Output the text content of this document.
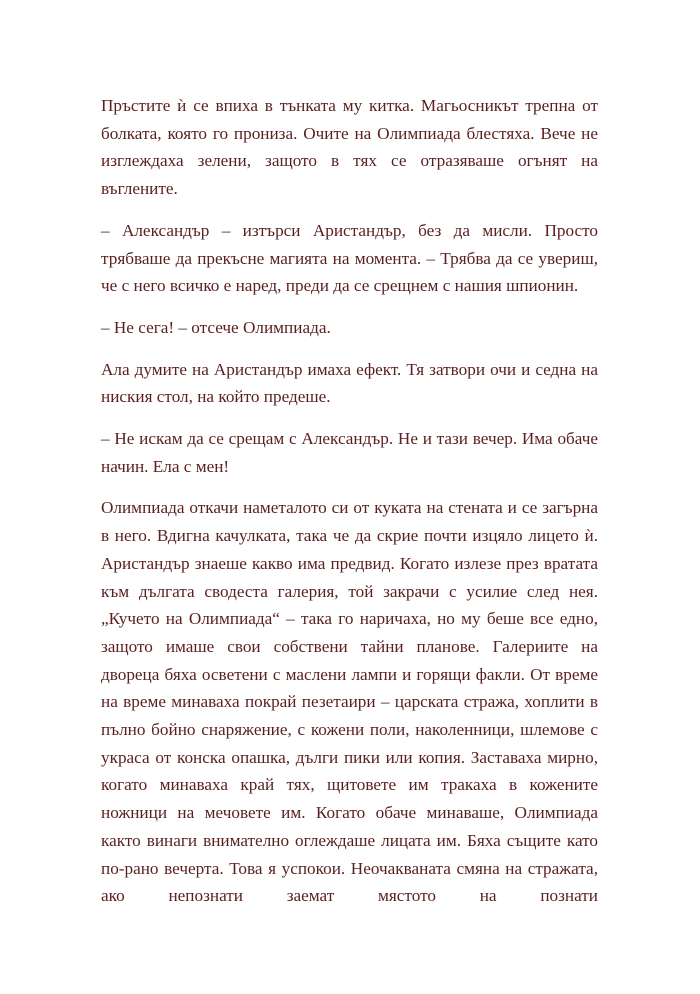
Пръстите ѝ се впиха в тънката му китка. Магьосникът трепна от болката, която го прониза. Очите на Олимпиада блестяха. Вече не изглеждаха зелени, защото в тях се отразяваше огънят на въглените.

– Александър – изтърси Аристандър, без да мисли. Просто трябваше да прекъсне магията на момента. – Трябва да се увериш, че с него всичко е наред, преди да се срещнем с нашия шпионин.

– Не сега! – отсече Олимпиада.

Ала думите на Аристандър имаха ефект. Тя затвори очи и седна на ниския стол, на който предеше.

– Не искам да се срещам с Александър. Не и тази вечер. Има обаче начин. Ела с мен!

Олимпиада откачи наметалото си от куката на стената и се загърна в него. Вдигна качулката, така че да скрие почти изцяло лицето ѝ. Аристандър знаеше какво има предвид. Когато излезе през вратата към дългата сводеста галерия, той закрачи с усилие след нея. „Кучето на Олимпиада“ – така го наричаха, но му беше все едно, защото имаше свои собствени тайни планове. Галериите на двореца бяха осветени с маслени лампи и горящи факли. От време на време минаваха покрай пезетаири – царската стража, хоплити в пълно бойно снаряжение, с кожени поли, наколенници, шлемове с украса от конска опашка, дълги пики или копия. Заставаха мирно, когато минаваха край тях, щитовете им тракаха в кожените ножници на мечовете им. Когато обаче минаваше, Олимпиада както винаги внимателно оглеждаше лицата им. Бяха същите като по-рано вечерта. Това я успокои. Неочакваната смяна на стражата, ако непознати заемат мястото на познати
